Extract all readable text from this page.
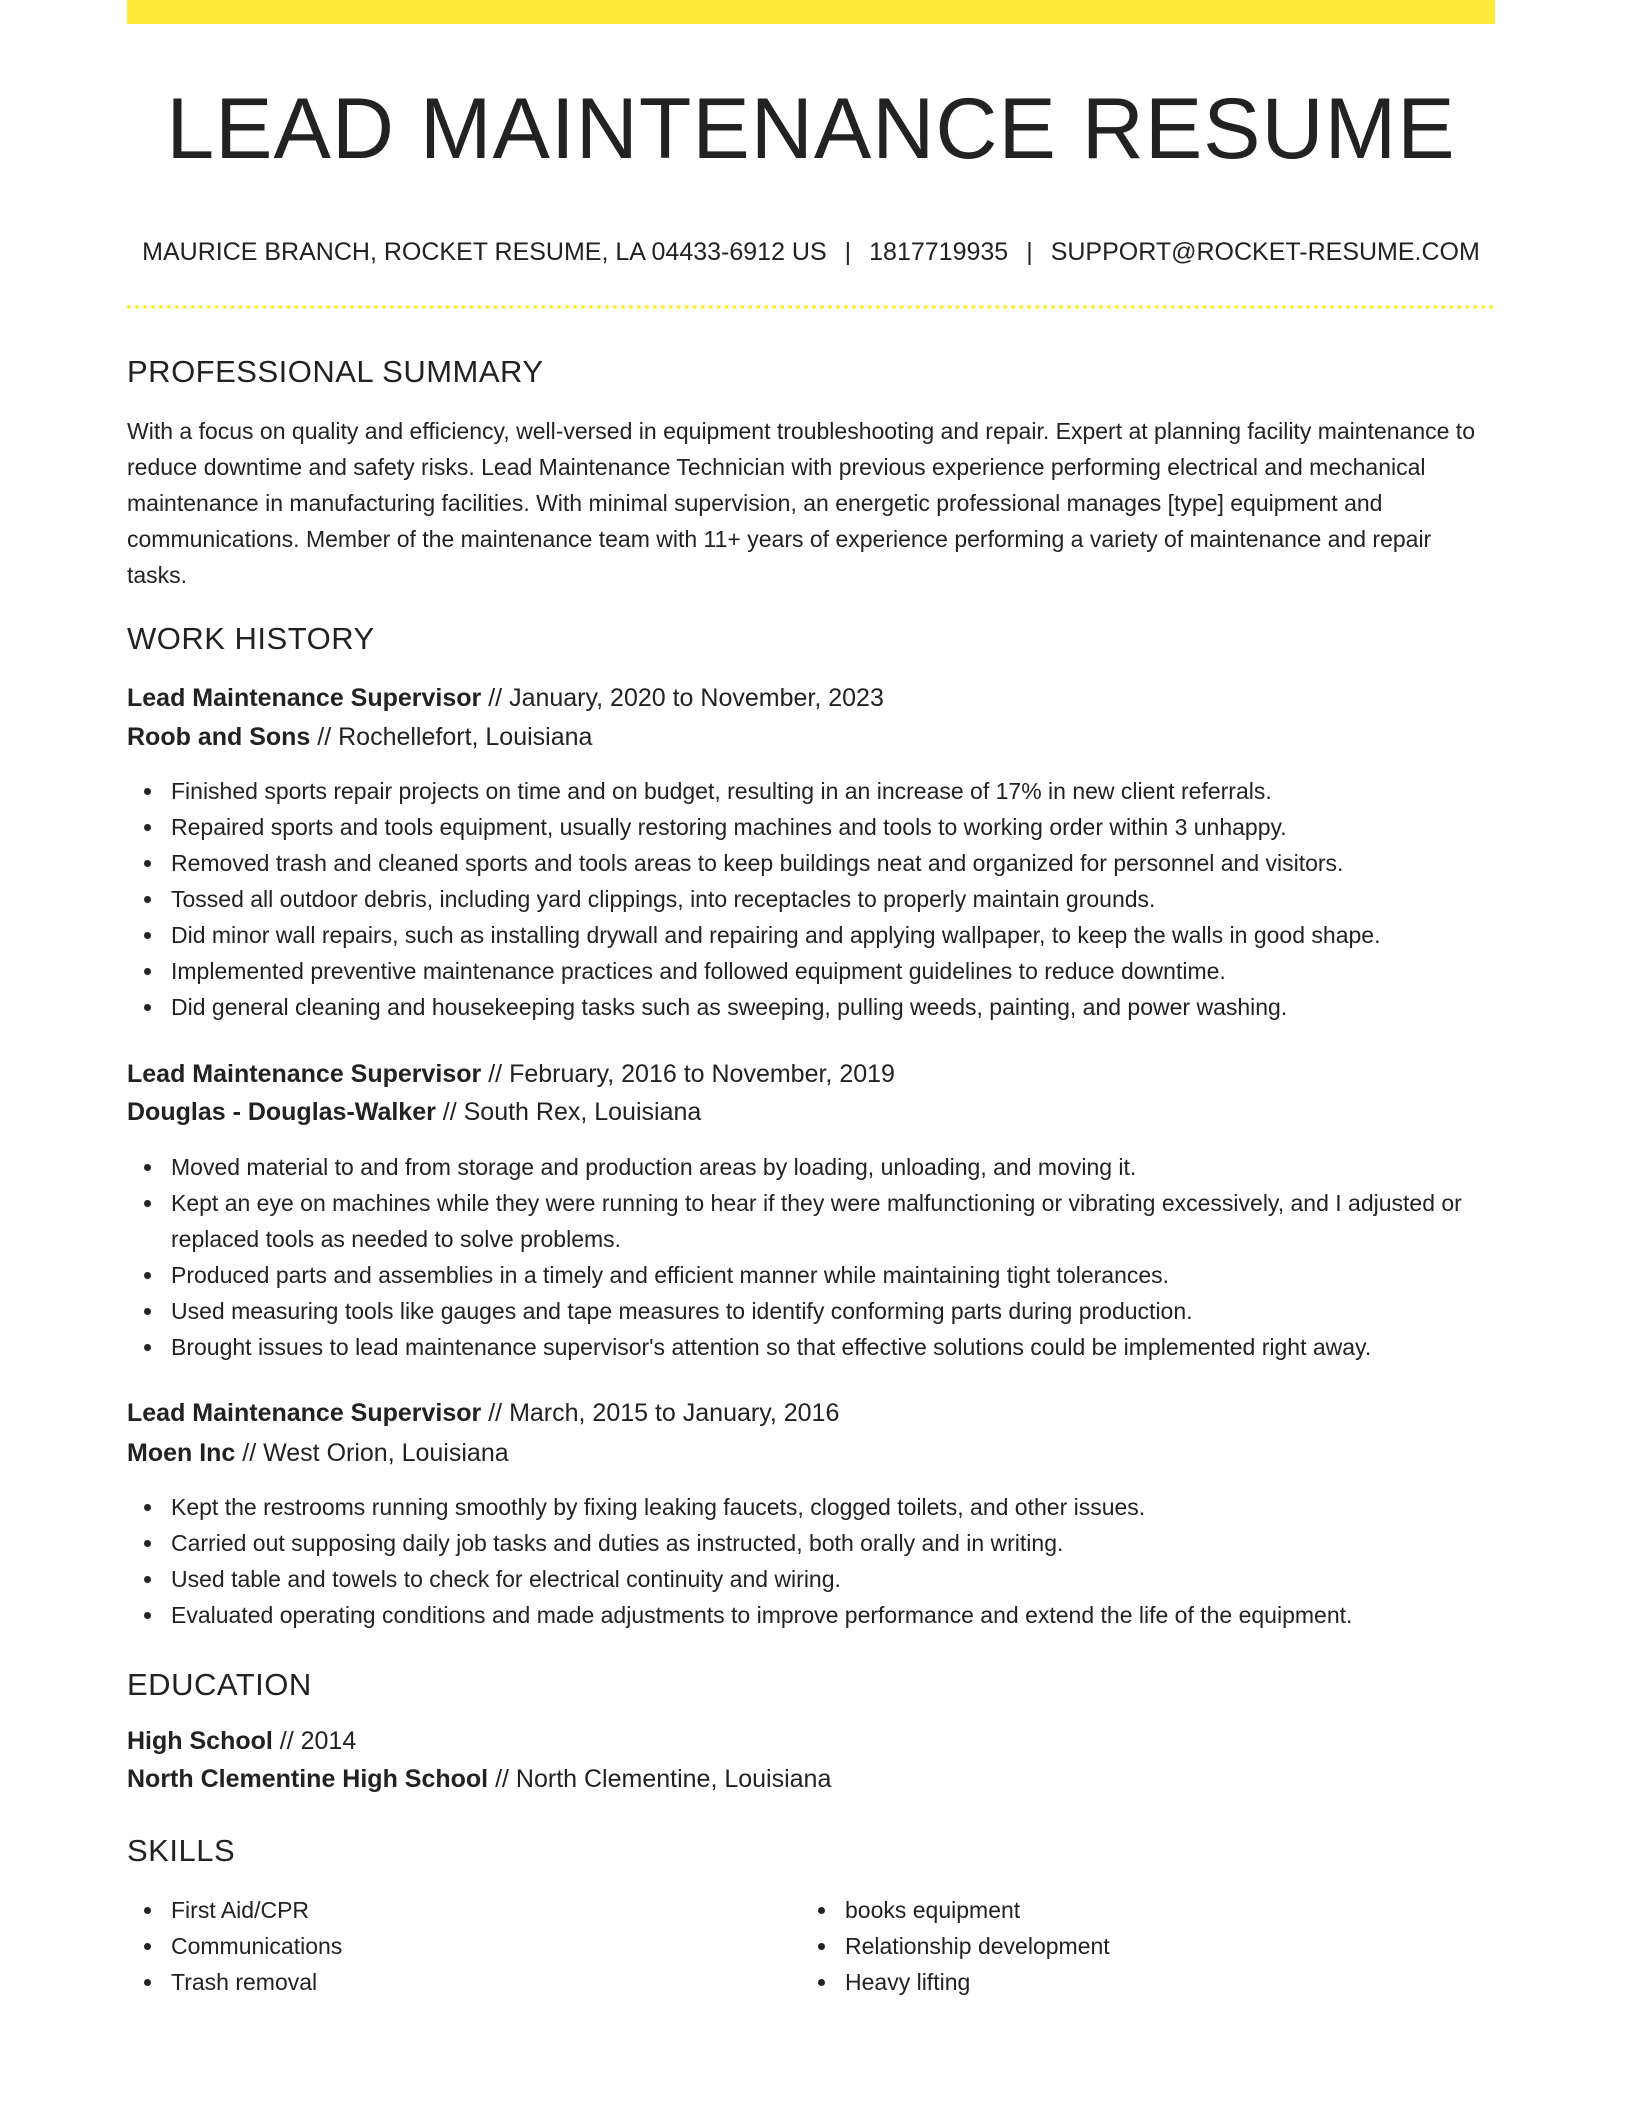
LEAD MAINTENANCE RESUME
MAURICE BRANCH, ROCKET RESUME, LA 04433-6912 US | 1817719935 | SUPPORT@ROCKET-RESUME.COM
PROFESSIONAL SUMMARY
With a focus on quality and efficiency, well-versed in equipment troubleshooting and repair. Expert at planning facility maintenance to reduce downtime and safety risks. Lead Maintenance Technician with previous experience performing electrical and mechanical maintenance in manufacturing facilities. With minimal supervision, an energetic professional manages [type] equipment and communications. Member of the maintenance team with 11+ years of experience performing a variety of maintenance and repair tasks.
WORK HISTORY
Lead Maintenance Supervisor // January, 2020 to November, 2023
Roob and Sons // Rochellefort, Louisiana
Finished sports repair projects on time and on budget, resulting in an increase of 17% in new client referrals.
Repaired sports and tools equipment, usually restoring machines and tools to working order within 3 unhappy.
Removed trash and cleaned sports and tools areas to keep buildings neat and organized for personnel and visitors.
Tossed all outdoor debris, including yard clippings, into receptacles to properly maintain grounds.
Did minor wall repairs, such as installing drywall and repairing and applying wallpaper, to keep the walls in good shape.
Implemented preventive maintenance practices and followed equipment guidelines to reduce downtime.
Did general cleaning and housekeeping tasks such as sweeping, pulling weeds, painting, and power washing.
Lead Maintenance Supervisor // February, 2016 to November, 2019
Douglas - Douglas-Walker // South Rex, Louisiana
Moved material to and from storage and production areas by loading, unloading, and moving it.
Kept an eye on machines while they were running to hear if they were malfunctioning or vibrating excessively, and I adjusted or replaced tools as needed to solve problems.
Produced parts and assemblies in a timely and efficient manner while maintaining tight tolerances.
Used measuring tools like gauges and tape measures to identify conforming parts during production.
Brought issues to lead maintenance supervisor's attention so that effective solutions could be implemented right away.
Lead Maintenance Supervisor // March, 2015 to January, 2016
Moen Inc // West Orion, Louisiana
Kept the restrooms running smoothly by fixing leaking faucets, clogged toilets, and other issues.
Carried out supposing daily job tasks and duties as instructed, both orally and in writing.
Used table and towels to check for electrical continuity and wiring.
Evaluated operating conditions and made adjustments to improve performance and extend the life of the equipment.
EDUCATION
High School // 2014
North Clementine High School // North Clementine, Louisiana
SKILLS
First Aid/CPR
Communications
Trash removal
books equipment
Relationship development
Heavy lifting
